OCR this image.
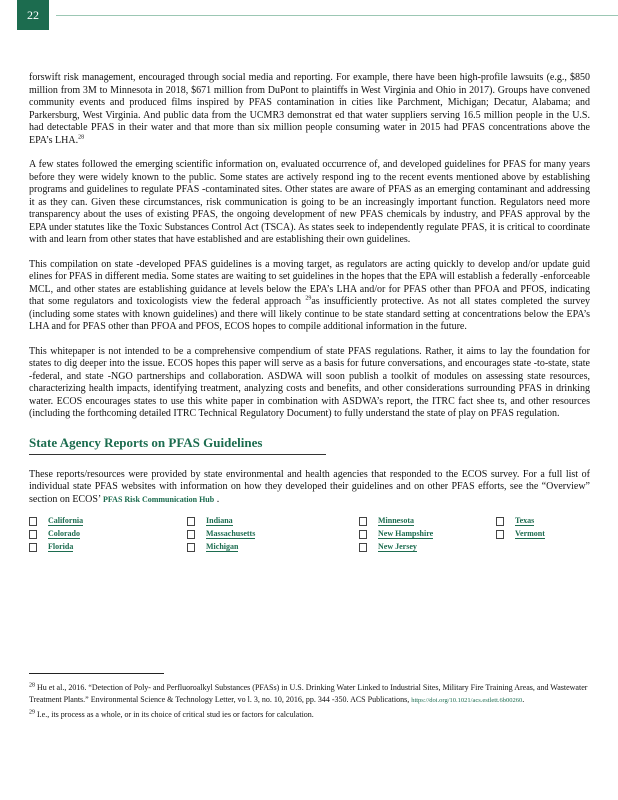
22

forswift risk management, encouraged through social media and reporting. For example, there have been high-profile lawsuits (e.g., $850 million from 3M to Minnesota in 2018, $671 million from DuPont to plaintiffs in West Virginia and Ohio in 2017). Groups have convened community events and produced films inspired by PFAS contamination in cities like Parchment, Michigan; Decatur, Alabama; and Parkersburg, West Virginia. And public data from the UCMR3 demonstrat ed that water suppliers serving 16.5 million people in the U.S. had detectable PFAS in their water and that more than six million people consuming water in 2015 had PFAS concentrations above the EPA’s LHA.$^{28}$

A few states followed the emerging scientific information on, evaluated occurrence of, and developed guidelines for PFAS for many years before they were widely known to the public. Some states are actively respond ing to the recent events mentioned above by establishing programs and guidelines to regulate PFAS -contaminated sites. Other states are aware of PFAS as an emerging contaminant and addressing it as they can. Given these circumstances, risk communication is going to be an increasingly important function. Regulators need more transparency about the uses of existing PFAS, the ongoing development of new PFAS chemicals by industry, and PFAS approval by the EPA under statutes like the Toxic Substances Control Act (TSCA). As states seek to independently regulate PFAS, it is critical to coordinate with and learn from other states that have established and are establishing their own guidelines.

This compilation on state -developed PFAS guidelines is a moving target, as regulators are acting quickly to develop and/or update guid elines for PFAS in different media. Some states are waiting to set guidelines in the hopes that the EPA will establish a federally -enforceable MCL, and other states are establishing guidance at levels below the EPA’s LHA and/or for PFAS other than PFOA and PFOS, indicating that some regulators and toxicologists view the federal approach $^{29}$as insufficiently protective. As not all states completed the survey (including some states with known guidelines) and there will likely continue to be state standard setting at concentrations below the EPA’s LHA and for PFAS other than PFOA and PFOS, ECOS hopes to compile additional information in the future.

This whitepaper is not intended to be a comprehensive compendium of state PFAS regulations. Rather, it aims to lay the foundation for states to dig deeper into the issue. ECOS hopes this paper will serve as a basis for future conversations, and encourages state -to-state, state -federal, and state -NGO partnerships and collaboration. ASDWA will soon publish a toolkit of modules on assessing state resources, characterizing health impacts, identifying treatment, analyzing costs and benefits, and other considerations surrounding PFAS in drinking water. ECOS encourages states to use this white paper in combination with ASDWA’s report, the ITRC fact shee ts, and other resources (including the forthcoming detailed ITRC Technical Regulatory Document) to fully understand the state of play on PFAS regulation.

State Agency Reports on PFAS Guidelines

These reports/resources were provided by state environmental and health agencies that responded to the ECOS survey. For a full list of individual state PFAS websites with information on how they developed their guidelines and on other PFAS efforts, see the “Overview” section on ECOS’ PFAS Risk Communication Hub .

California	Indiana	Minnesota	Texas
Colorado	Massachusetts	New Hampshire	Vermont
Florida	Michigan	New Jersey

$^{28}$ Hu et al., 2016. “Detection of Poly- and Perfluoroalkyl Substances (PFASs) in U.S. Drinking Water Linked to Industrial Sites, Military Fire Training Areas, and Wastewater Treatment Plants.” Environmental Science & Technology Letter, vo l. 3, no. 10, 2016, pp. 344 -350. ACS Publications, https://doi.org/10.1021/acs.estlett.6b00260.

$^{29}$ I.e., its process as a whole, or in its choice of critical stud ies or factors for calculation.
